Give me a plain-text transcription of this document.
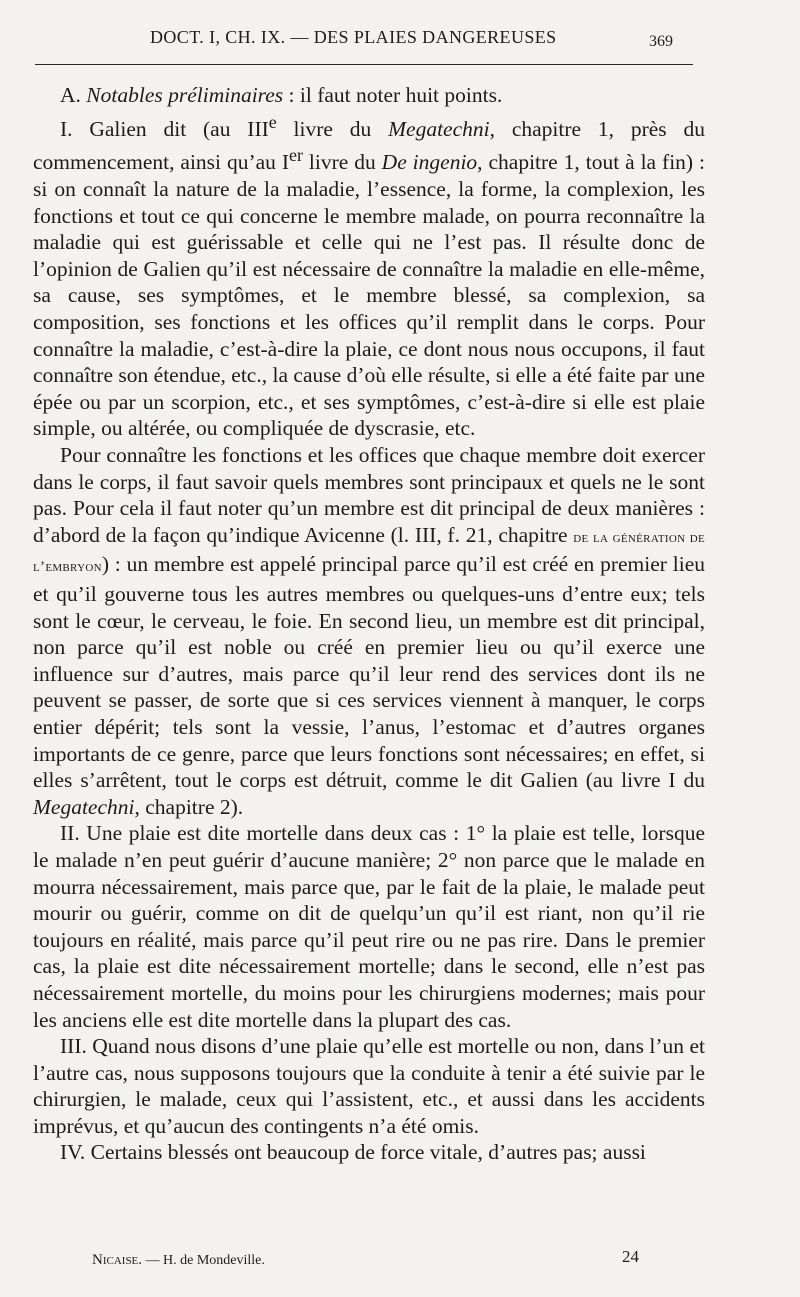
DOCT. I, CH. IX. — DES PLAIES DANGEREUSES	369

A. Notables préliminaires : il faut noter huit points.

I. Galien dit (au IIIe livre du Megatechni, chapitre 1, près du commencement, ainsi qu’au Ier livre du De ingenio, chapitre 1, tout à la fin) : si on connaît la nature de la maladie, l’essence, la forme, la complexion, les fonctions et tout ce qui concerne le membre malade, on pourra reconnaître la maladie qui est guérissable et celle qui ne l’est pas. Il résulte donc de l’opinion de Galien qu’il est nécessaire de connaître la maladie en elle-même, sa cause, ses symptômes, et le membre blessé, sa complexion, sa composition, ses fonctions et les offices qu’il remplit dans le corps. Pour connaître la maladie, c’est-à-dire la plaie, ce dont nous nous occupons, il faut connaître son étendue, etc., la cause d’où elle résulte, si elle a été faite par une épée ou par un scorpion, etc., et ses symptômes, c’est-à-dire si elle est plaie simple, ou altérée, ou compliquée de dyscrasie, etc.

Pour connaître les fonctions et les offices que chaque membre doit exercer dans le corps, il faut savoir quels membres sont principaux et quels ne le sont pas. Pour cela il faut noter qu’un membre est dit principal de deux manières : d’abord de la façon qu’indique Avicenne (l. III, f. 21, chapitre de la génération de l’embryon) : un membre est appelé principal parce qu’il est créé en premier lieu et qu’il gouverne tous les autres membres ou quelques-uns d’entre eux; tels sont le cœur, le cerveau, le foie. En second lieu, un membre est dit principal, non parce qu’il est noble ou créé en premier lieu ou qu’il exerce une influence sur d’autres, mais parce qu’il leur rend des services dont ils ne peuvent se passer, de sorte que si ces services viennent à manquer, le corps entier dépérit; tels sont la vessie, l’anus, l’estomac et d’autres organes importants de ce genre, parce que leurs fonctions sont nécessaires; en effet, si elles s’arrêtent, tout le corps est détruit, comme le dit Galien (au livre I du Megatechni, chapitre 2).

II. Une plaie est dite mortelle dans deux cas : 1° la plaie est telle, lorsque le malade n’en peut guérir d’aucune manière; 2° non parce que le malade en mourra nécessairement, mais parce que, par le fait de la plaie, le malade peut mourir ou guérir, comme on dit de quelqu’un qu’il est riant, non qu’il rie toujours en réalité, mais parce qu’il peut rire ou ne pas rire. Dans le premier cas, la plaie est dite nécessairement mortelle; dans le second, elle n’est pas nécessairement mortelle, du moins pour les chirurgiens modernes; mais pour les anciens elle est dite mortelle dans la plupart des cas.

III. Quand nous disons d’une plaie qu’elle est mortelle ou non, dans l’un et l’autre cas, nous supposons toujours que la conduite à tenir a été suivie par le chirurgien, le malade, ceux qui l’assistent, etc., et aussi dans les accidents imprévus, et qu’aucun des contingents n’a été omis.

IV. Certains blessés ont beaucoup de force vitale, d’autres pas; aussi

Nicaise. — H. de Mondeville.	24
